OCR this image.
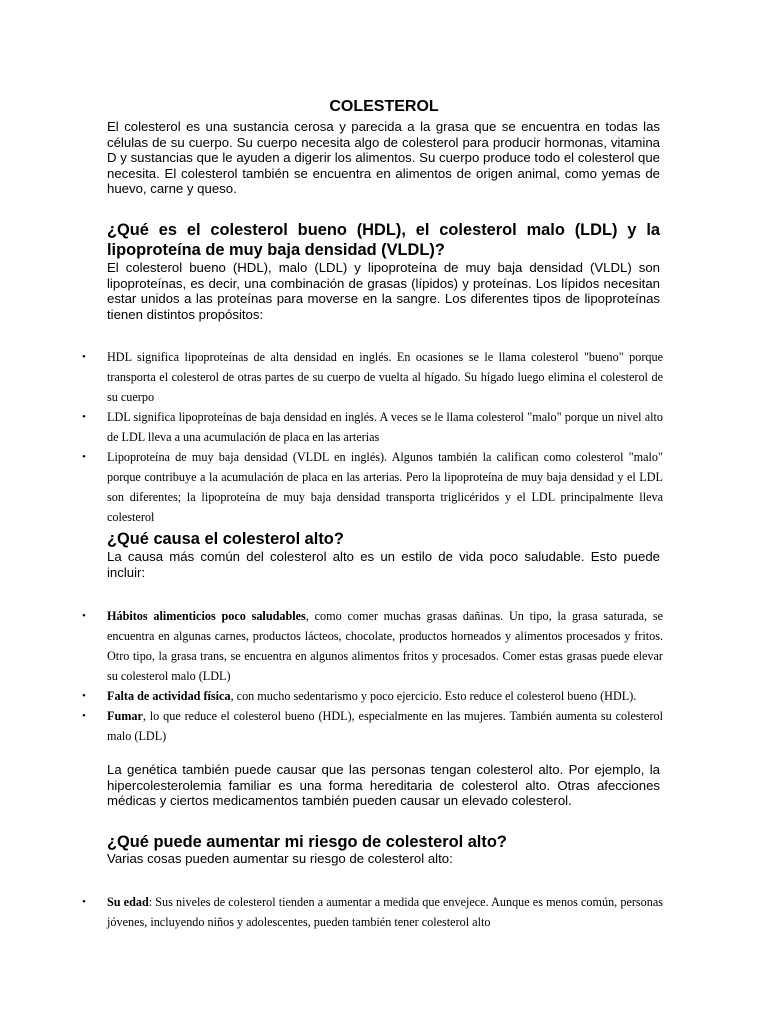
COLESTEROL
El colesterol es una sustancia cerosa y parecida a la grasa que se encuentra en todas las células de su cuerpo. Su cuerpo necesita algo de colesterol para producir hormonas, vitamina D y sustancias que le ayuden a digerir los alimentos. Su cuerpo produce todo el colesterol que necesita. El colesterol también se encuentra en alimentos de origen animal, como yemas de huevo, carne y queso.
¿Qué es el colesterol bueno (HDL), el colesterol malo (LDL) y la lipoproteína de muy baja densidad (VLDL)?
El colesterol bueno (HDL), malo (LDL) y lipoproteína de muy baja densidad (VLDL) son lipoproteínas, es decir, una combinación de grasas (lípidos) y proteínas. Los lípidos necesitan estar unidos a las proteínas para moverse en la sangre. Los diferentes tipos de lipoproteínas tienen distintos propósitos:
• HDL significa lipoproteínas de alta densidad en inglés. En ocasiones se le llama colesterol "bueno" porque transporta el colesterol de otras partes de su cuerpo de vuelta al hígado. Su hígado luego elimina el colesterol de su cuerpo
• LDL significa lipoproteínas de baja densidad en inglés. A veces se le llama colesterol "malo" porque un nivel alto de LDL lleva a una acumulación de placa en las arterias
• Lipoproteína de muy baja densidad (VLDL en inglés). Algunos también la califican como colesterol "malo" porque contribuye a la acumulación de placa en las arterias. Pero la lipoproteína de muy baja densidad y el LDL son diferentes; la lipoproteína de muy baja densidad transporta triglicéridos y el LDL principalmente lleva colesterol
¿Qué causa el colesterol alto?
La causa más común del colesterol alto es un estilo de vida poco saludable. Esto puede incluir:
• Hábitos alimenticios poco saludables, como comer muchas grasas dañinas. Un tipo, la grasa saturada, se encuentra en algunas carnes, productos lácteos, chocolate, productos horneados y alimentos procesados y fritos. Otro tipo, la grasa trans, se encuentra en algunos alimentos fritos y procesados. Comer estas grasas puede elevar su colesterol malo (LDL)
• Falta de actividad física, con mucho sedentarismo y poco ejercicio. Esto reduce el colesterol bueno (HDL).
• Fumar, lo que reduce el colesterol bueno (HDL), especialmente en las mujeres. También aumenta su colesterol malo (LDL)
La genética también puede causar que las personas tengan colesterol alto. Por ejemplo, la hipercolesterolemia familiar es una forma hereditaria de colesterol alto. Otras afecciones médicas y ciertos medicamentos también pueden causar un elevado colesterol.
¿Qué puede aumentar mi riesgo de colesterol alto?
Varias cosas pueden aumentar su riesgo de colesterol alto:
• Su edad: Sus niveles de colesterol tienden a aumentar a medida que envejece. Aunque es menos común, personas jóvenes, incluyendo niños y adolescentes, pueden también tener colesterol alto
